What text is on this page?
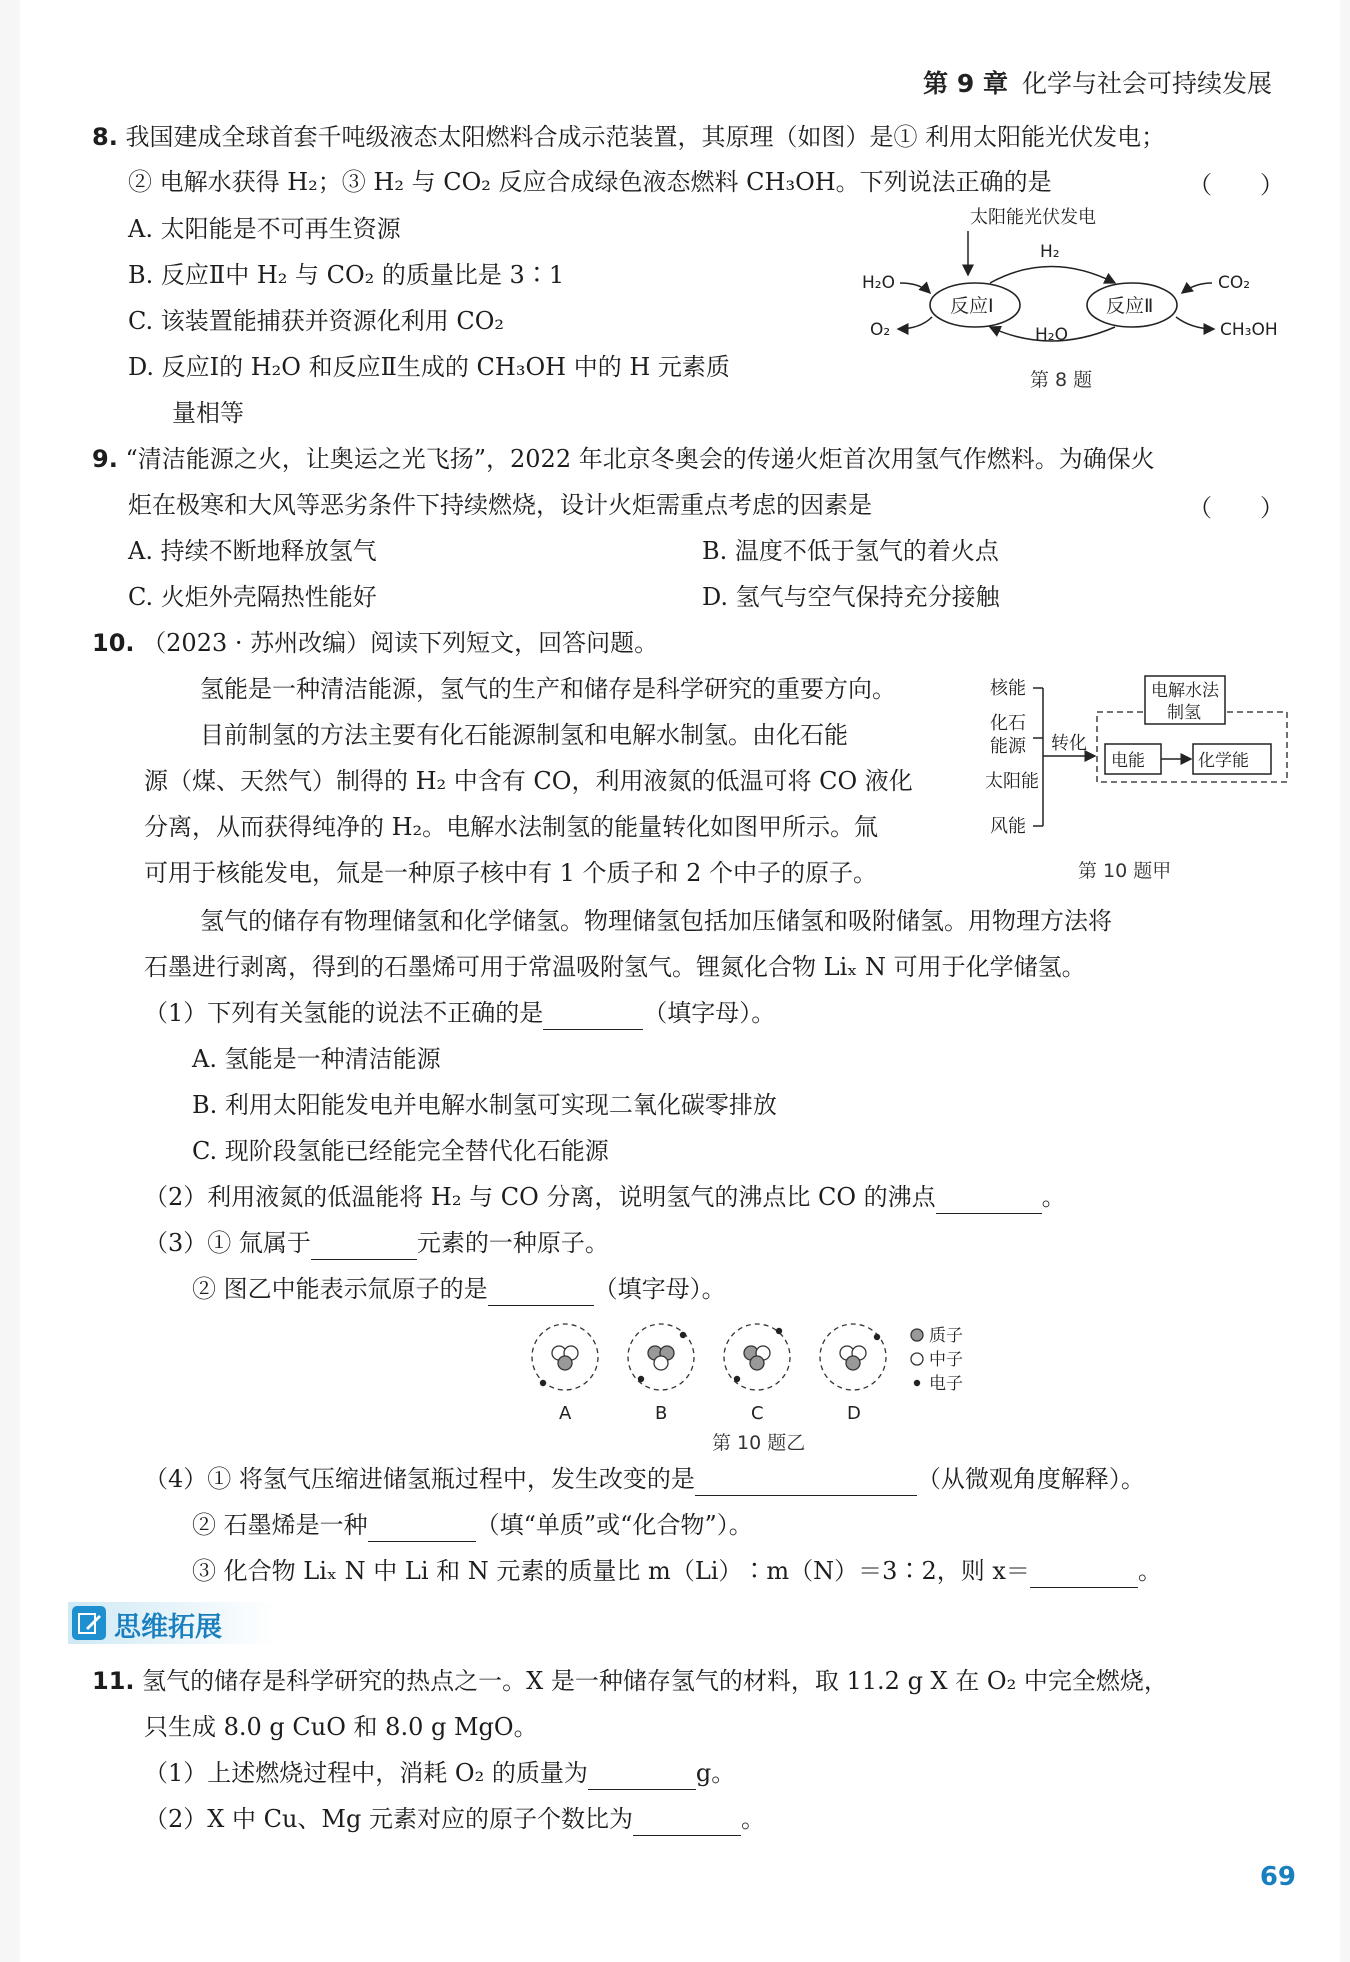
第 9 章 化学与社会可持续发展
8. 我国建成全球首套千吨级液态太阳燃料合成示范装置，其原理（如图）是① 利用太阳能光伏发电；
② 电解水获得 H₂；③ H₂ 与 CO₂ 反应合成绿色液态燃料 CH₃OH。下列说法正确的是	（　　）
A. 太阳能是不可再生资源
B. 反应Ⅱ中 H₂ 与 CO₂ 的质量比是 3∶1
C. 该装置能捕获并资源化利用 CO₂
D. 反应Ⅰ的 H₂O 和反应Ⅱ生成的 CH₃OH 中的 H 元素质
量相等
太阳能光伏发电
反应Ⅰ	反应Ⅱ
H₂
H₂O
H₂O
O₂
CO₂
CH₃OH
第 8 题
9. “清洁能源之火，让奥运之光飞扬”，2022 年北京冬奥会的传递火炬首次用氢气作燃料。为确保火
炬在极寒和大风等恶劣条件下持续燃烧，设计火炬需重点考虑的因素是	（　　）
A. 持续不断地释放氢气	B. 温度不低于氢气的着火点
C. 火炬外壳隔热性能好	D. 氢气与空气保持充分接触
10. （2023 · 苏州改编）阅读下列短文，回答问题。
氢能是一种清洁能源，氢气的生产和储存是科学研究的重要方向。
目前制氢的方法主要有化石能源制氢和电解水制氢。由化石能
源（煤、天然气）制得的 H₂ 中含有 CO，利用液氮的低温可将 CO 液化
分离，从而获得纯净的 H₂。电解水法制氢的能量转化如图甲所示。氚
可用于核能发电，氚是一种原子核中有 1 个质子和 2 个中子的原子。
氢气的储存有物理储氢和化学储氢。物理储氢包括加压储氢和吸附储氢。用物理方法将
石墨进行剥离，得到的石墨烯可用于常温吸附氢气。锂氮化合物 Liₓ N 可用于化学储氢。
核能
化石
能源
太阳能
风能
转化
电解水法
制氢
电能	化学能
第 10 题甲
（1）下列有关氢能的说法不正确的是	（填字母）。
A. 氢能是一种清洁能源
B. 利用太阳能发电并电解水制氢可实现二氧化碳零排放
C. 现阶段氢能已经能完全替代化石能源
（2）利用液氮的低温能将 H₂ 与 CO 分离，说明氢气的沸点比 CO 的沸点	。
（3）① 氚属于	元素的一种原子。
② 图乙中能表示氚原子的是	（填字母）。
A	B	C	D
质子
中子
电子
第 10 题乙
（4）① 将氢气压缩进储氢瓶过程中，发生改变的是	（从微观角度解释）。
② 石墨烯是一种	（填“单质”或“化合物”）。
③ 化合物 Liₓ N 中 Li 和 N 元素的质量比 m（Li）∶m（N）＝3∶2，则 x＝	。
思维拓展
11. 氢气的储存是科学研究的热点之一。X 是一种储存氢气的材料，取 11.2 g X 在 O₂ 中完全燃烧，
只生成 8.0 g CuO 和 8.0 g MgO。
（1）上述燃烧过程中，消耗 O₂ 的质量为	g。
（2）X 中 Cu、Mg 元素对应的原子个数比为	。
69
